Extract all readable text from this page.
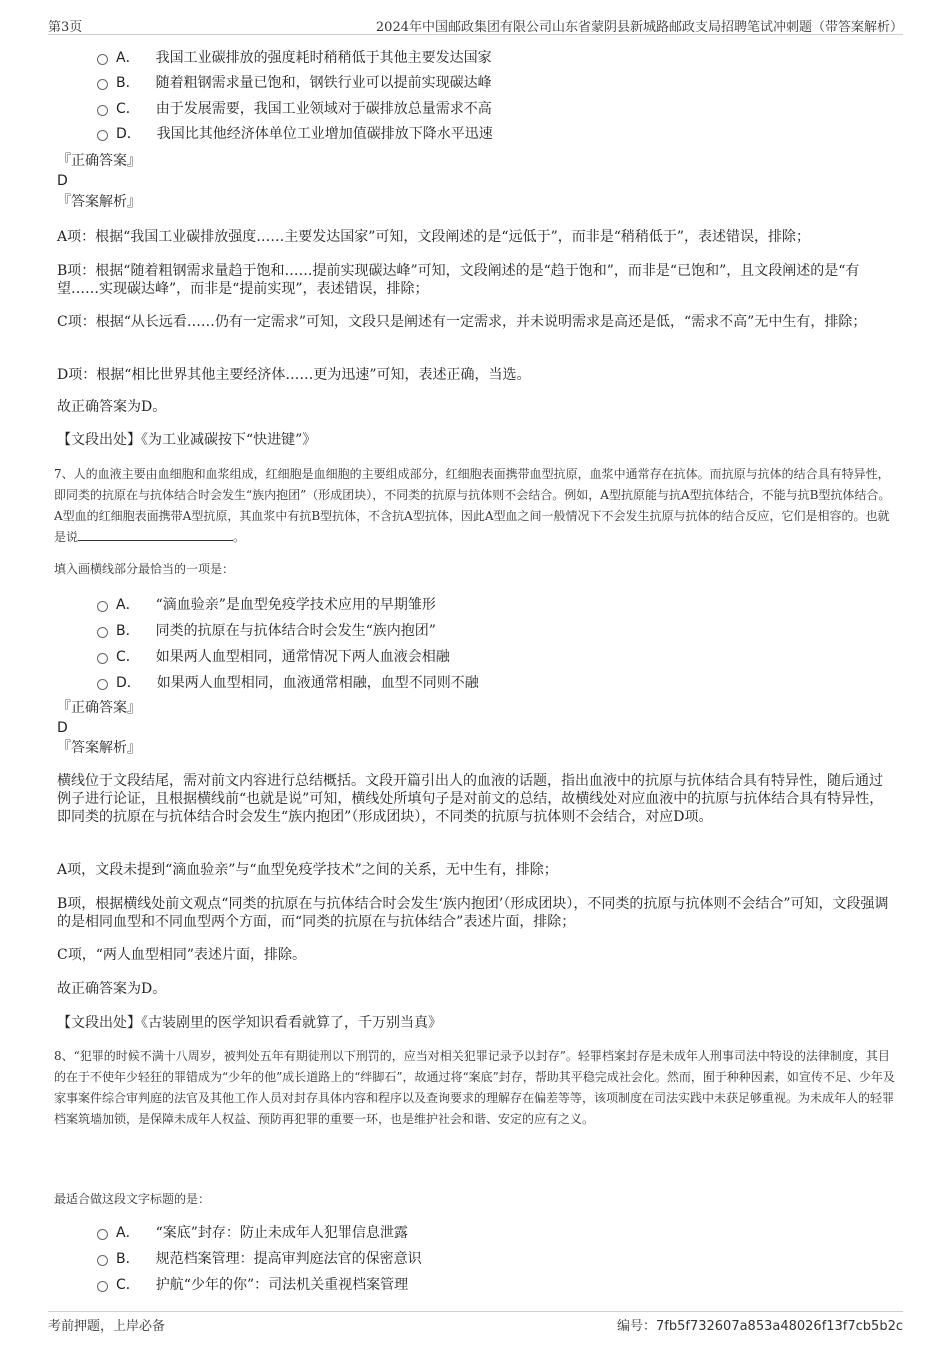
第3页	2024年中国邮政集团有限公司山东省蒙阴县新城路邮政支局招聘笔试冲刺题（带答案解析）
A． 我国工业碳排放的强度耗时稍稍低于其他主要发达国家
B． 随着粗钢需求量已饱和，钢铁行业可以提前实现碳达峰
C． 由于发展需要，我国工业领域对于碳排放总量需求不高
D． 我国比其他经济体单位工业增加值碳排放下降水平迅速
『正确答案』
D
『答案解析』
A项：根据“我国工业碳排放强度……主要发达国家”可知，文段阐述的是“远低于”，而非是“稍稍低于”，表述错误，排除；
B项：根据“随着粗钢需求量趋于饱和……提前实现碳达峰”可知，文段阐述的是“趋于饱和”，而非是“已饱和”，且文段阐述的是“有望……实现碳达峰”，而非是“提前实现”，表述错误，排除；
C项：根据“从长远看……仍有一定需求”可知，文段只是阐述有一定需求，并未说明需求是高还是低，“需求不高”无中生有，排除；
D项：根据“相比世界其他主要经济体……更为迅速”可知，表述正确，当选。
故正确答案为D。
【文段出处】《为工业减碳按下“快进键”》
7、人的血液主要由血细胞和血浆组成，红细胞是血细胞的主要组成部分，红细胞表面携带血型抗原，血浆中通常存在抗体。而抗原与抗体的结合具有特异性，即同类的抗原在与抗体结合时会发生“族内抱团”（形成团块），不同类的抗原与抗体则不会结合。例如，A型抗原能与抗A型抗体结合，不能与抗B型抗体结合。A型血的红细胞表面携带A型抗原，其血浆中有抗B型抗体，不含抗A型抗体，因此A型血之间一般情况下不会发生抗原与抗体的结合反应，它们是相容的。也就是说	。
填入画横线部分最恰当的一项是：
A． “滴血验亲”是血型免疫学技术应用的早期雏形
B． 同类的抗原在与抗体结合时会发生“族内抱团”
C． 如果两人血型相同，通常情况下两人血液会相融
D． 如果两人血型相同，血液通常相融，血型不同则不融
『正确答案』
D
『答案解析』
横线位于文段结尾，需对前文内容进行总结概括。文段开篇引出人的血液的话题，指出血液中的抗原与抗体结合具有特异性，随后通过例子进行论证，且根据横线前“也就是说”可知，横线处所填句子是对前文的总结，故横线处对应血液中的抗原与抗体结合具有特异性，即同类的抗原在与抗体结合时会发生“族内抱团”（形成团块），不同类的抗原与抗体则不会结合，对应D项。
A项，文段未提到“滴血验亲”与“血型免疫学技术”之间的关系，无中生有，排除；
B项，根据横线处前文观点“同类的抗原在与抗体结合时会发生‘族内抱团’（形成团块），不同类的抗原与抗体则不会结合”可知，文段强调的是相同血型和不同血型两个方面，而“同类的抗原在与抗体结合”表述片面，排除；
C项，“两人血型相同”表述片面，排除。
故正确答案为D。
【文段出处】《古装剧里的医学知识看看就算了，千万别当真》
8、“犯罪的时候不满十八周岁，被判处五年有期徒刑以下刑罚的，应当对相关犯罪记录予以封存”。轻罪档案封存是未成年人刑事司法中特设的法律制度，其目的在于不使年少轻狂的罪错成为“少年的他”成长道路上的“绊脚石”，故通过将“案底”封存，帮助其平稳完成社会化。然而，囿于种种因素，如宣传不足、少年及家事案件综合审判庭的法官及其他工作人员对封存具体内容和程序以及查询要求的理解存在偏差等等，该项制度在司法实践中未获足够重视。为未成年人的轻罪档案筑墙加锁，是保障未成年人权益、预防再犯罪的重要一环，也是维护社会和谐、安定的应有之义。
最适合做这段文字标题的是：
A． “案底”封存：防止未成年人犯罪信息泄露
B． 规范档案管理：提高审判庭法官的保密意识
C． 护航“少年的你”：司法机关重视档案管理
考前押题，上岸必备	编号：7fb5f732607a853a48026f13f7cb5b2c
